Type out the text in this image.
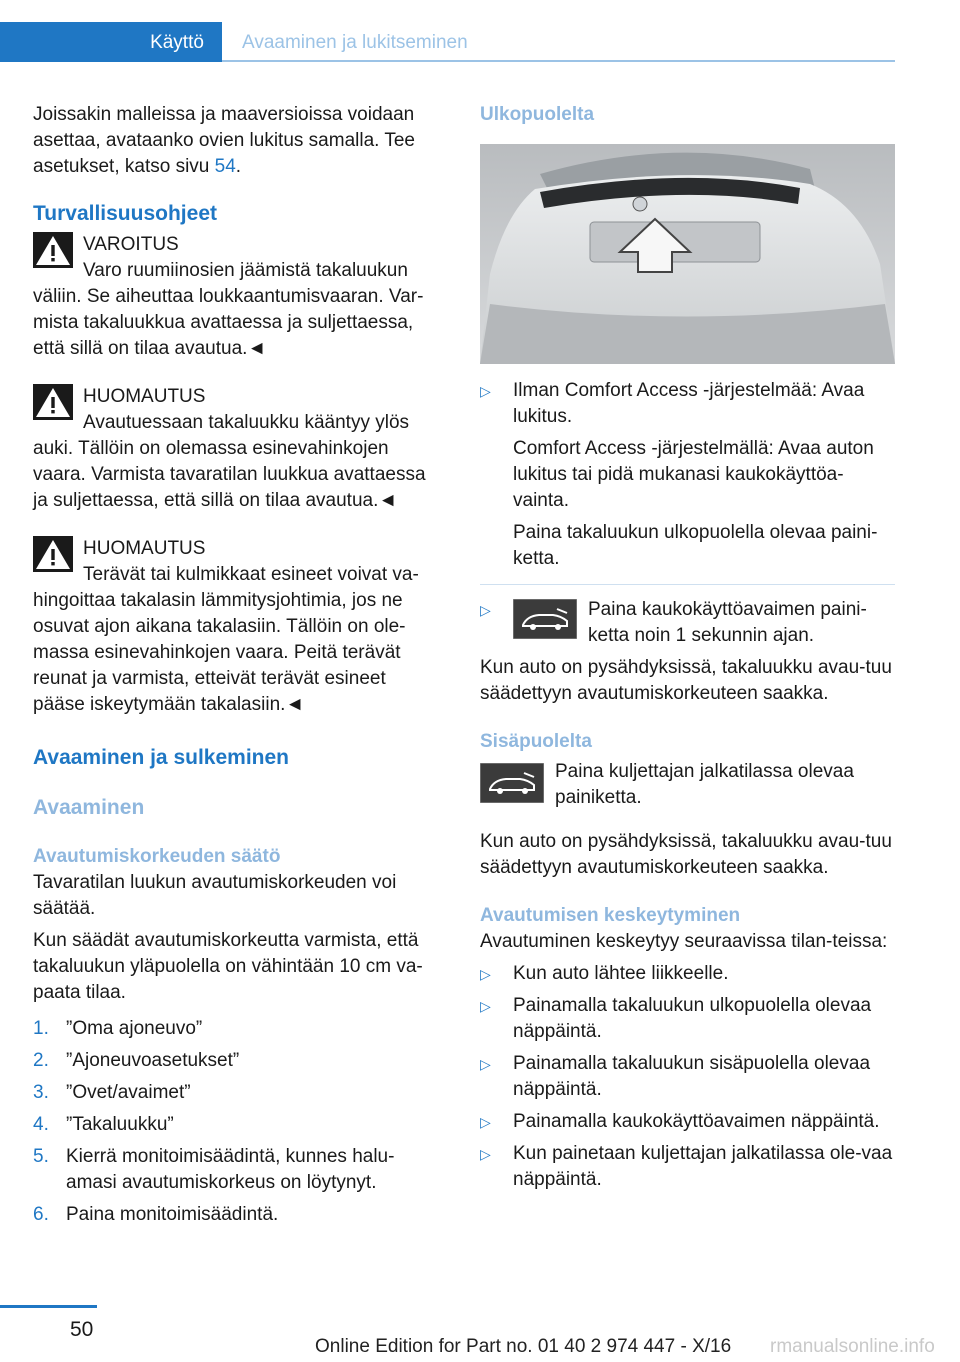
Käyttö	Avaaminen ja lukitseminen

Joissakin malleissa ja maaversioissa voidaan asettaa, avataanko ovien lukitus samalla. Tee asetukset, katso sivu 54.

Turvallisuusohjeet

VAROITUS

Varo ruumiinosien jäämistä takaluukun

väliin. Se aiheuttaa loukkaantumisvaaran. Var-mista takaluukkua avattaessa ja suljettaessa, että sillä on tilaa avautua.◄

HUOMAUTUS

Avautuessaan takaluukku kääntyy ylös

auki. Tällöin on olemassa esinevahinkojen vaara. Varmista tavaratilan luukkua avattaessa ja suljettaessa, että sillä on tilaa avautua.◄

HUOMAUTUS

Terävät tai kulmikkaat esineet voivat va-

hingoittaa takalasin lämmitysjohtimia, jos ne osuvat ajon aikana takalasiin. Tällöin on ole-massa esinevahinkojen vaara. Peitä terävät reunat ja varmista, etteivät terävät esineet pääse iskeytymään takalasiin.◄

Avaaminen ja sulkeminen
Avaaminen
Avautumiskorkeuden säätö

Tavaratilan luukun avautumiskorkeuden voi säätää.

Kun säädät avautumiskorkeutta varmista, että takaluukun yläpuolella on vähintään 10 cm va-paata tilaa.

1. ”Oma ajoneuvo”
2. ”Ajoneuvoasetukset”
3. ”Ovet/avaimet”
4. ”Takaluukku”
5. Kierrä monitoimisäädintä, kunnes halu-amasi avautumiskorkeus on löytynyt.
6. Paina monitoimisäädintä.
Ulkopuolelta
▷ Ilman Comfort Access -järjestelmää: Avaa lukitus.

Comfort Access -järjestelmällä: Avaa auton lukitus tai pidä mukanasi kaukokäyttöa-vainta.

Paina takaluukun ulkopuolella olevaa paini-ketta.

▷	Paina kaukokäyttöavaimen paini-ketta noin 1 sekunnin ajan.

Kun auto on pysähdyksissä, takaluukku avau-tuu säädettyyn avautumiskorkeuteen saakka.

Sisäpuolelta

Paina kuljettajan jalkatilassa olevaa painiketta.

Kun auto on pysähdyksissä, takaluukku avau-tuu säädettyyn avautumiskorkeuteen saakka.

Avautumisen keskeytyminen

Avautuminen keskeytyy seuraavissa tilan-teissa:

▷ Kun auto lähtee liikkeelle.
▷ Painamalla takaluukun ulkopuolella olevaa näppäintä.
▷ Painamalla takaluukun sisäpuolella olevaa näppäintä.
▷ Painamalla kaukokäyttöavaimen näppäintä.
▷ Kun painetaan kuljettajan jalkatilassa ole-vaa näppäintä.
50
Online Edition for Part no. 01 40 2 974 447 - X/16 rmanualsonline.info
